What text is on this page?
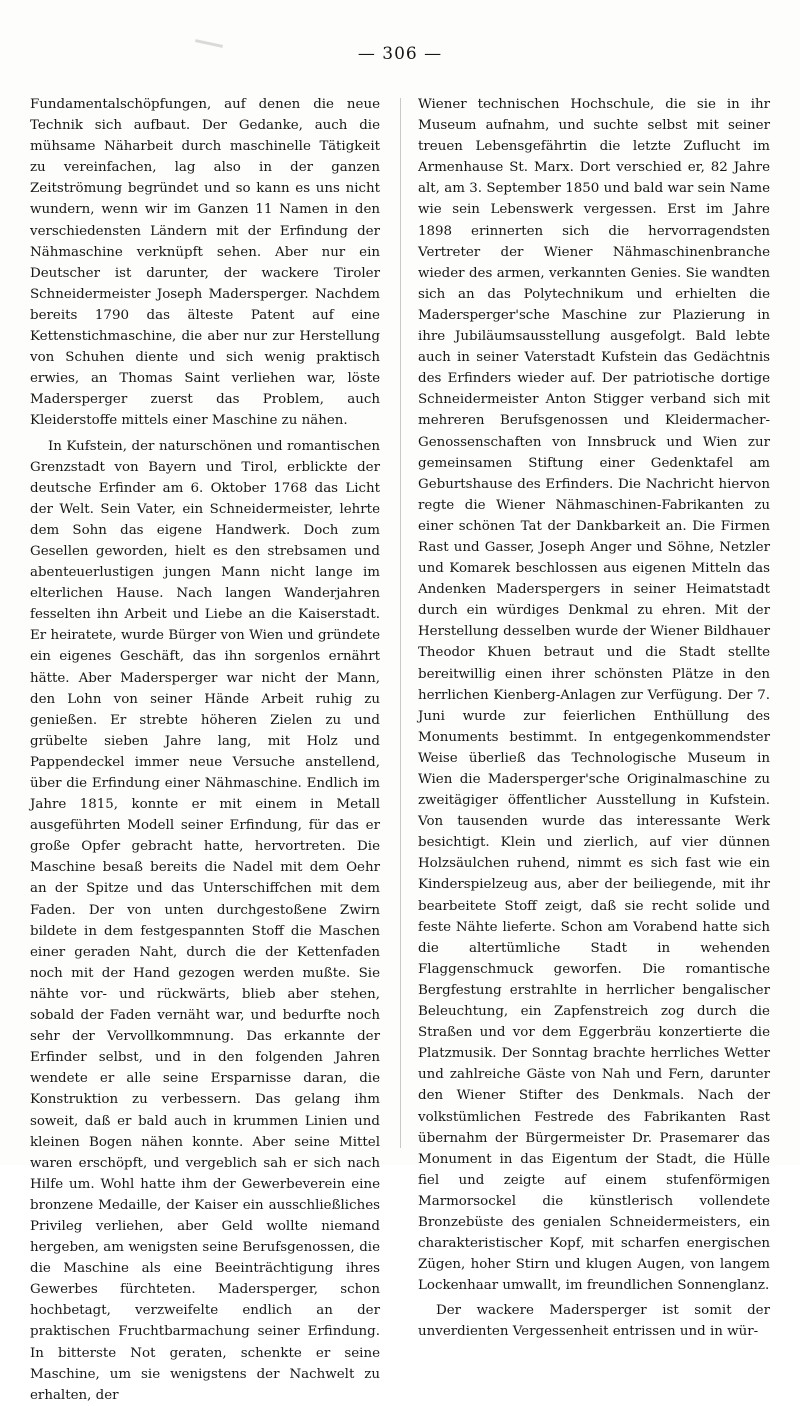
— 306 —

Fundamentalschöpfungen, auf denen die neue Technik sich aufbaut. Der Gedanke, auch die mühsame Näharbeit durch maschinelle Tätigkeit zu vereinfachen, lag also in der ganzen Zeitströmung begründet und so kann es uns nicht wundern, wenn wir im Ganzen 11 Namen in den verschiedensten Ländern mit der Erfindung der Nähmaschine verknüpft sehen. Aber nur ein Deutscher ist darunter, der wackere Tiroler Schneidermeister Joseph Madersperger. Nachdem bereits 1790 das älteste Patent auf eine Kettenstichmaschine, die aber nur zur Herstellung von Schuhen diente und sich wenig praktisch erwies, an Thomas Saint verliehen war, löste Madersperger zuerst das Problem, auch Kleiderstoffe mittels einer Maschine zu nähen.

In Kufstein, der naturschönen und romantischen Grenzstadt von Bayern und Tirol, erblickte der deutsche Erfinder am 6. Oktober 1768 das Licht der Welt. Sein Vater, ein Schneidermeister, lehrte dem Sohn das eigene Handwerk. Doch zum Gesellen geworden, hielt es den strebsamen und abenteuerlustigen jungen Mann nicht lange im elterlichen Hause. Nach langen Wanderjahren fesselten ihn Arbeit und Liebe an die Kaiserstadt. Er heiratete, wurde Bürger von Wien und gründete ein eigenes Geschäft, das ihn sorgenlos ernährt hätte. Aber Madersperger war nicht der Mann, den Lohn von seiner Hände Arbeit ruhig zu genießen. Er strebte höheren Zielen zu und grübelte sieben Jahre lang, mit Holz und Pappendeckel immer neue Versuche anstellend, über die Erfindung einer Nähmaschine. Endlich im Jahre 1815, konnte er mit einem in Metall ausgeführten Modell seiner Erfindung, für das er große Opfer gebracht hatte, hervortreten. Die Maschine besaß bereits die Nadel mit dem Oehr an der Spitze und das Unterschiffchen mit dem Faden. Der von unten durchgestoßene Zwirn bildete in dem festgespannten Stoff die Maschen einer geraden Naht, durch die der Kettenfaden noch mit der Hand gezogen werden mußte. Sie nähte vor- und rückwärts, blieb aber stehen, sobald der Faden vernäht war, und bedurfte noch sehr der Vervollkommnung. Das erkannte der Erfinder selbst, und in den folgenden Jahren wendete er alle seine Ersparnisse daran, die Konstruktion zu verbessern. Das gelang ihm soweit, daß er bald auch in krummen Linien und kleinen Bogen nähen konnte. Aber seine Mittel waren erschöpft, und vergeblich sah er sich nach Hilfe um. Wohl hatte ihm der Gewerbeverein eine bronzene Medaille, der Kaiser ein ausschließliches Privileg verliehen, aber Geld wollte niemand hergeben, am wenigsten seine Berufsgenossen, die die Maschine als eine Beeinträchtigung ihres Gewerbes fürchteten. Madersperger, schon hochbetagt, verzweifelte endlich an der praktischen Fruchtbarmachung seiner Erfindung. In bitterste Not geraten, schenkte er seine Maschine, um sie wenigstens der Nachwelt zu erhalten, der

Wiener technischen Hochschule, die sie in ihr Museum aufnahm, und suchte selbst mit seiner treuen Lebensgefährtin die letzte Zuflucht im Armenhause St. Marx. Dort verschied er, 82 Jahre alt, am 3. September 1850 und bald war sein Name wie sein Lebenswerk vergessen. Erst im Jahre 1898 erinnerten sich die hervorragendsten Vertreter der Wiener Nähmaschinenbranche wieder des armen, verkannten Genies. Sie wandten sich an das Polytechnikum und erhielten die Madersperger'sche Maschine zur Plazierung in ihre Jubiläumsausstellung ausgefolgt. Bald lebte auch in seiner Vaterstadt Kufstein das Gedächtnis des Erfinders wieder auf. Der patriotische dortige Schneidermeister Anton Stigger verband sich mit mehreren Berufsgenossen und Kleidermacher-Genossenschaften von Innsbruck und Wien zur gemeinsamen Stiftung einer Gedenktafel am Geburtshause des Erfinders. Die Nachricht hiervon regte die Wiener Nähmaschinen-Fabrikanten zu einer schönen Tat der Dankbarkeit an. Die Firmen Rast und Gasser, Joseph Anger und Söhne, Netzler und Komarek beschlossen aus eigenen Mitteln das Andenken Maderspergers in seiner Heimatstadt durch ein würdiges Denkmal zu ehren. Mit der Herstellung desselben wurde der Wiener Bildhauer Theodor Khuen betraut und die Stadt stellte bereitwillig einen ihrer schönsten Plätze in den herrlichen Kienberg-Anlagen zur Verfügung. Der 7. Juni wurde zur feierlichen Enthüllung des Monuments bestimmt. In entgegenkommendster Weise überließ das Technologische Museum in Wien die Madersperger'sche Originalmaschine zu zweitägiger öffentlicher Ausstellung in Kufstein. Von tausenden wurde das interessante Werk besichtigt. Klein und zierlich, auf vier dünnen Holzsäulchen ruhend, nimmt es sich fast wie ein Kinderspielzeug aus, aber der beiliegende, mit ihr bearbeitete Stoff zeigt, daß sie recht solide und feste Nähte lieferte. Schon am Vorabend hatte sich die altertümliche Stadt in wehenden Flaggenschmuck geworfen. Die romantische Bergfestung erstrahlte in herrlicher bengalischer Beleuchtung, ein Zapfenstreich zog durch die Straßen und vor dem Eggerbräu konzertierte die Platzmusik. Der Sonntag brachte herrliches Wetter und zahlreiche Gäste von Nah und Fern, darunter den Wiener Stifter des Denkmals. Nach der volkstümlichen Festrede des Fabrikanten Rast übernahm der Bürgermeister Dr. Prasemarer das Monument in das Eigentum der Stadt, die Hülle fiel und zeigte auf einem stufenförmigen Marmorsockel die künstlerisch vollendete Bronzebüste des genialen Schneidermeisters, ein charakteristischer Kopf, mit scharfen energischen Zügen, hoher Stirn und klugen Augen, von langem Lockenhaar umwallt, im freundlichen Sonnenglanz.

Der wackere Madersperger ist somit der unverdienten Vergessenheit entrissen und in wür-
